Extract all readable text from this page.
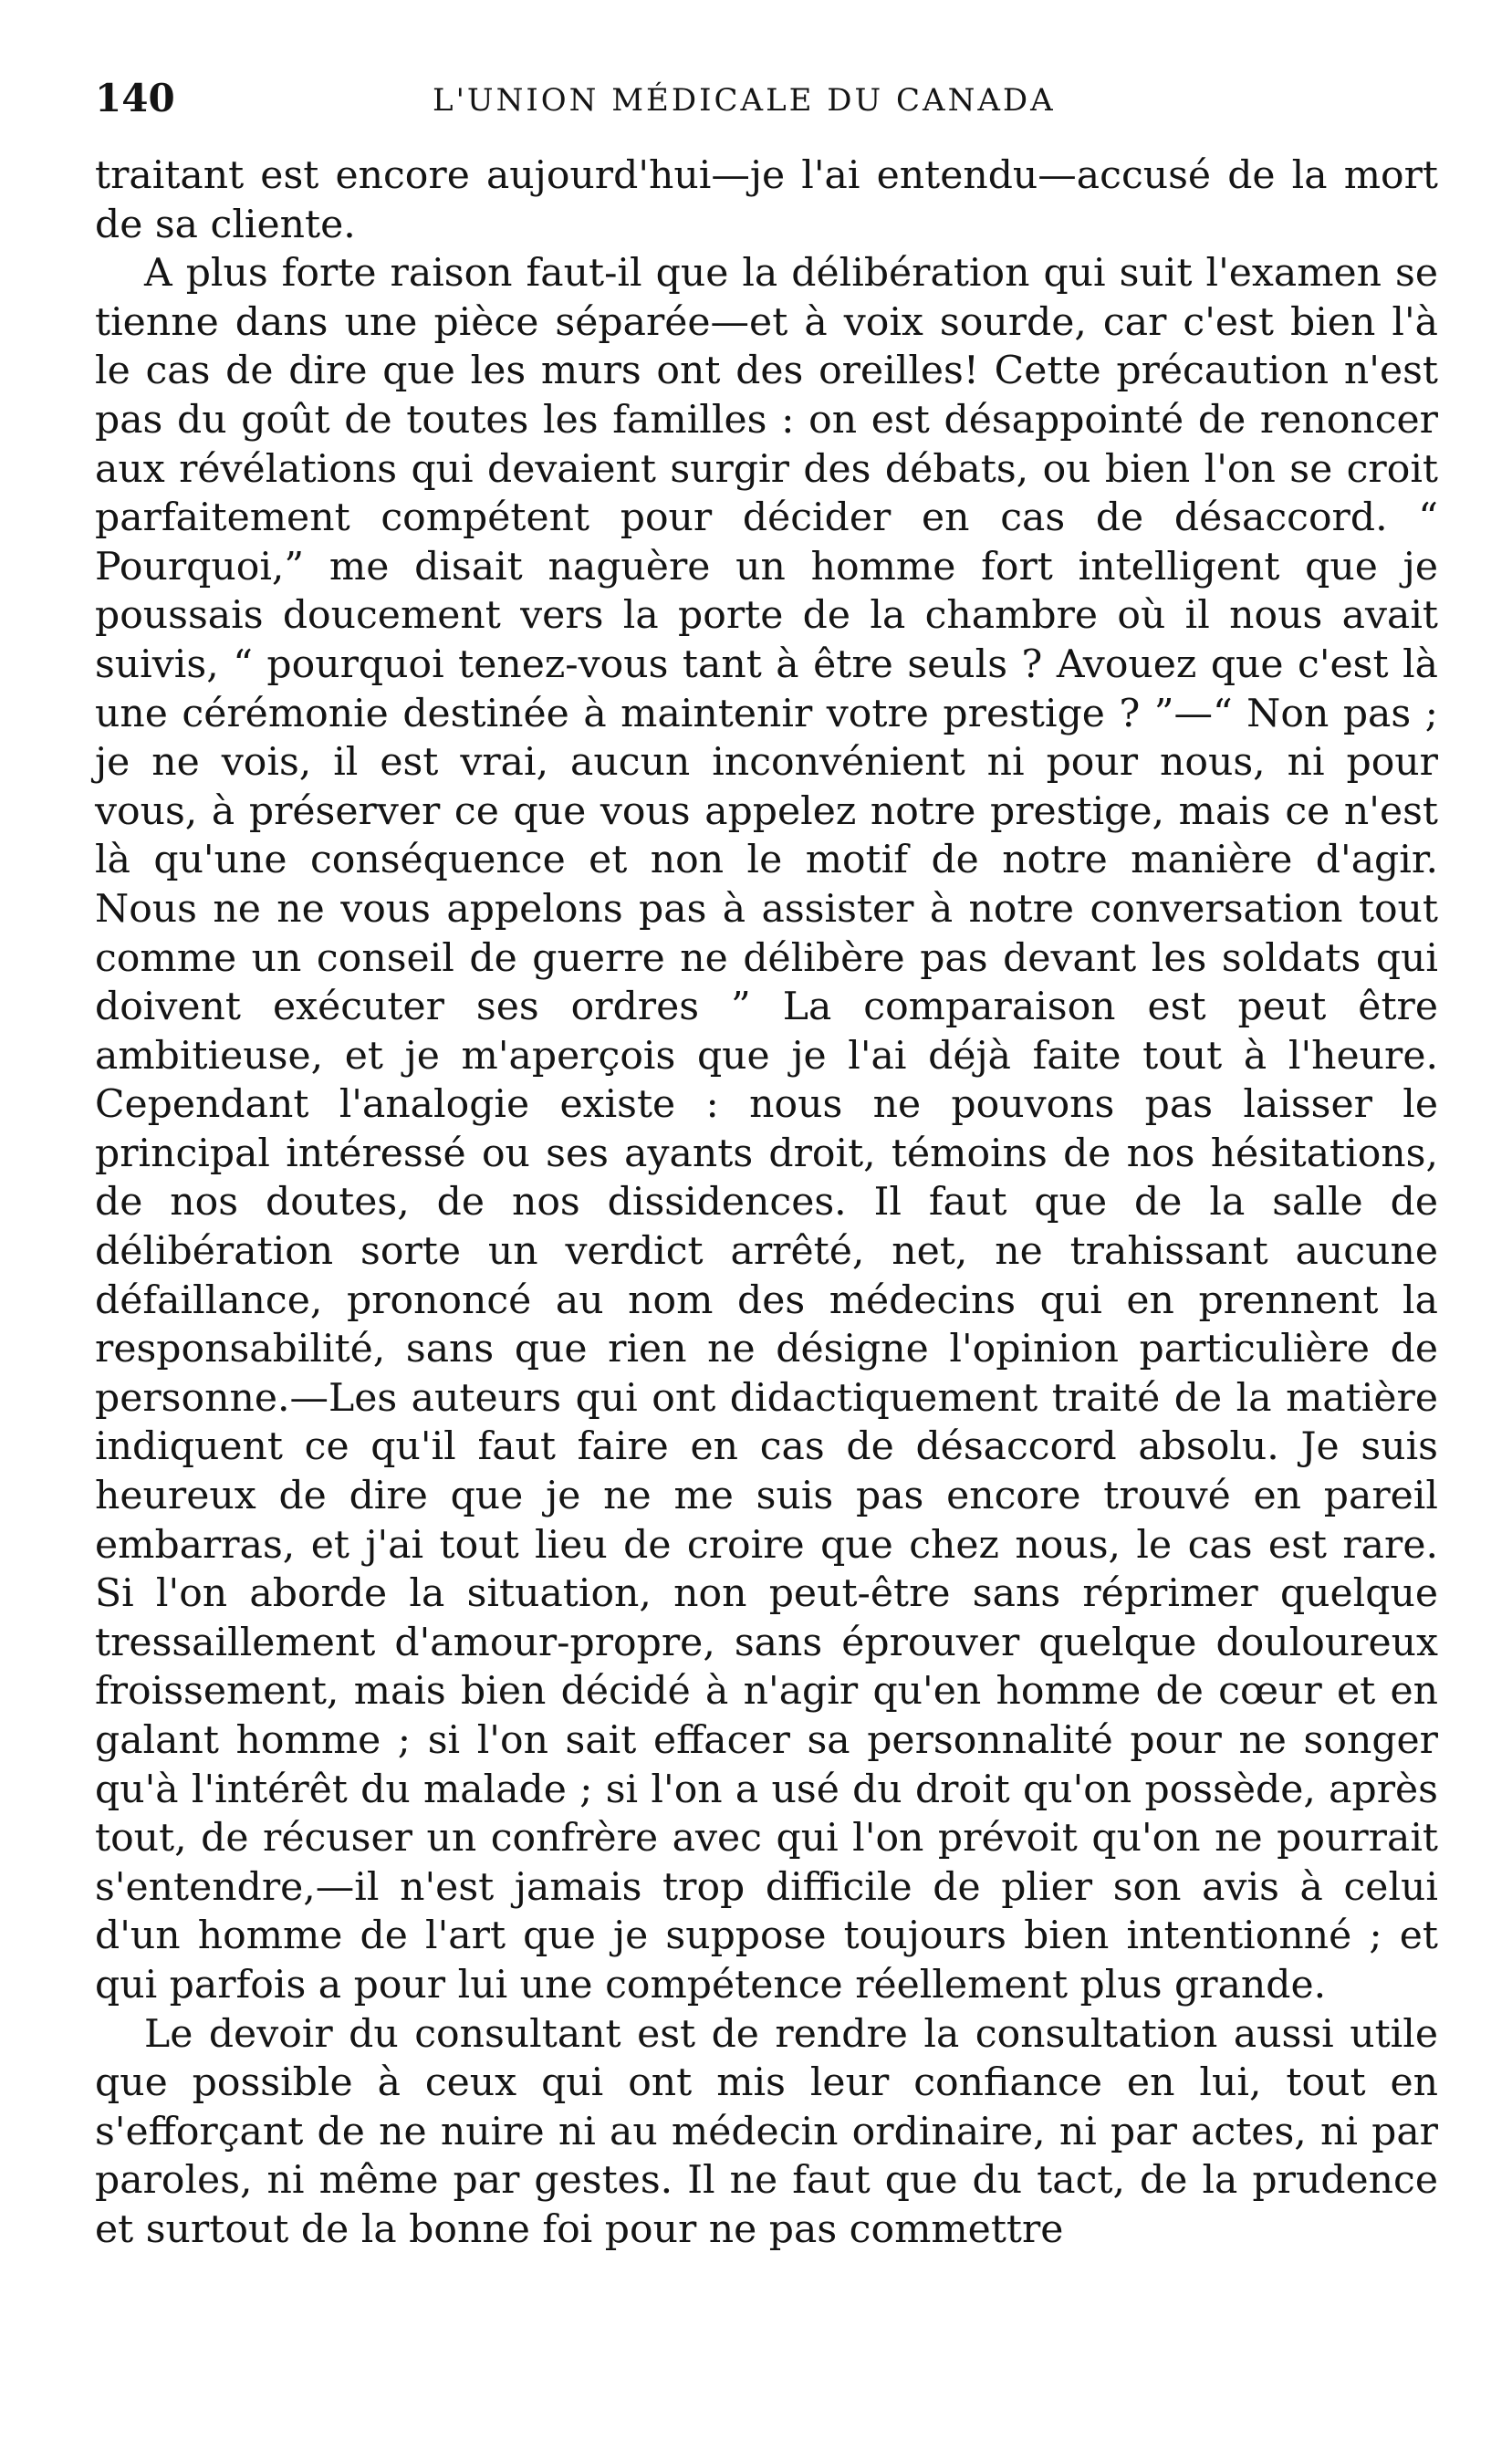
140	L'UNION MÉDICALE DU CANADA

traitant est encore aujourd'hui—je l'ai entendu—accusé de la mort de sa cliente.

A plus forte raison faut-il que la délibération qui suit l'examen se tienne dans une pièce séparée—et à voix sourde, car c'est bien l'à le cas de dire que les murs ont des oreilles! Cette précaution n'est pas du goût de toutes les familles : on est désappointé de renoncer aux révélations qui devaient surgir des débats, ou bien l'on se croit parfaitement compétent pour décider en cas de désaccord. “ Pourquoi,” me disait naguère un homme fort intelligent que je poussais doucement vers la porte de la chambre où il nous avait suivis, “ pourquoi tenez-vous tant à être seuls ? Avouez que c'est là une cérémonie destinée à maintenir votre prestige ? ”—“ Non pas ; je ne vois, il est vrai, aucun inconvénient ni pour nous, ni pour vous, à préserver ce que vous appelez notre prestige, mais ce n'est là qu'une conséquence et non le motif de notre manière d'agir. Nous ne ne vous appelons pas à assister à notre conversation tout comme un conseil de guerre ne délibère pas devant les soldats qui doivent exécuter ses ordres ” La comparaison est peut être ambitieuse, et je m'aperçois que je l'ai déjà faite tout à l'heure. Cependant l'analogie existe : nous ne pouvons pas laisser le principal intéressé ou ses ayants droit, témoins de nos hésitations, de nos doutes, de nos dissidences. Il faut que de la salle de délibération sorte un verdict arrêté, net, ne trahissant aucune défaillance, prononcé au nom des médecins qui en prennent la responsabilité, sans que rien ne désigne l'opinion particulière de personne.—Les auteurs qui ont didactiquement traité de la matière indiquent ce qu'il faut faire en cas de désaccord absolu. Je suis heureux de dire que je ne me suis pas encore trouvé en pareil embarras, et j'ai tout lieu de croire que chez nous, le cas est rare. Si l'on aborde la situation, non peut-être sans réprimer quelque tressaillement d'amour-propre, sans éprouver quelque douloureux froissement, mais bien décidé à n'agir qu'en homme de cœur et en galant homme ; si l'on sait effacer sa personnalité pour ne songer qu'à l'intérêt du malade ; si l'on a usé du droit qu'on possède, après tout, de récuser un confrère avec qui l'on prévoit qu'on ne pourrait s'entendre,—il n'est jamais trop difficile de plier son avis à celui d'un homme de l'art que je suppose toujours bien intentionné ; et qui parfois a pour lui une compétence réellement plus grande.

Le devoir du consultant est de rendre la consultation aussi utile que possible à ceux qui ont mis leur confiance en lui, tout en s'efforçant de ne nuire ni au médecin ordinaire, ni par actes, ni par paroles, ni même par gestes. Il ne faut que du tact, de la prudence et surtout de la bonne foi pour ne pas commettre
